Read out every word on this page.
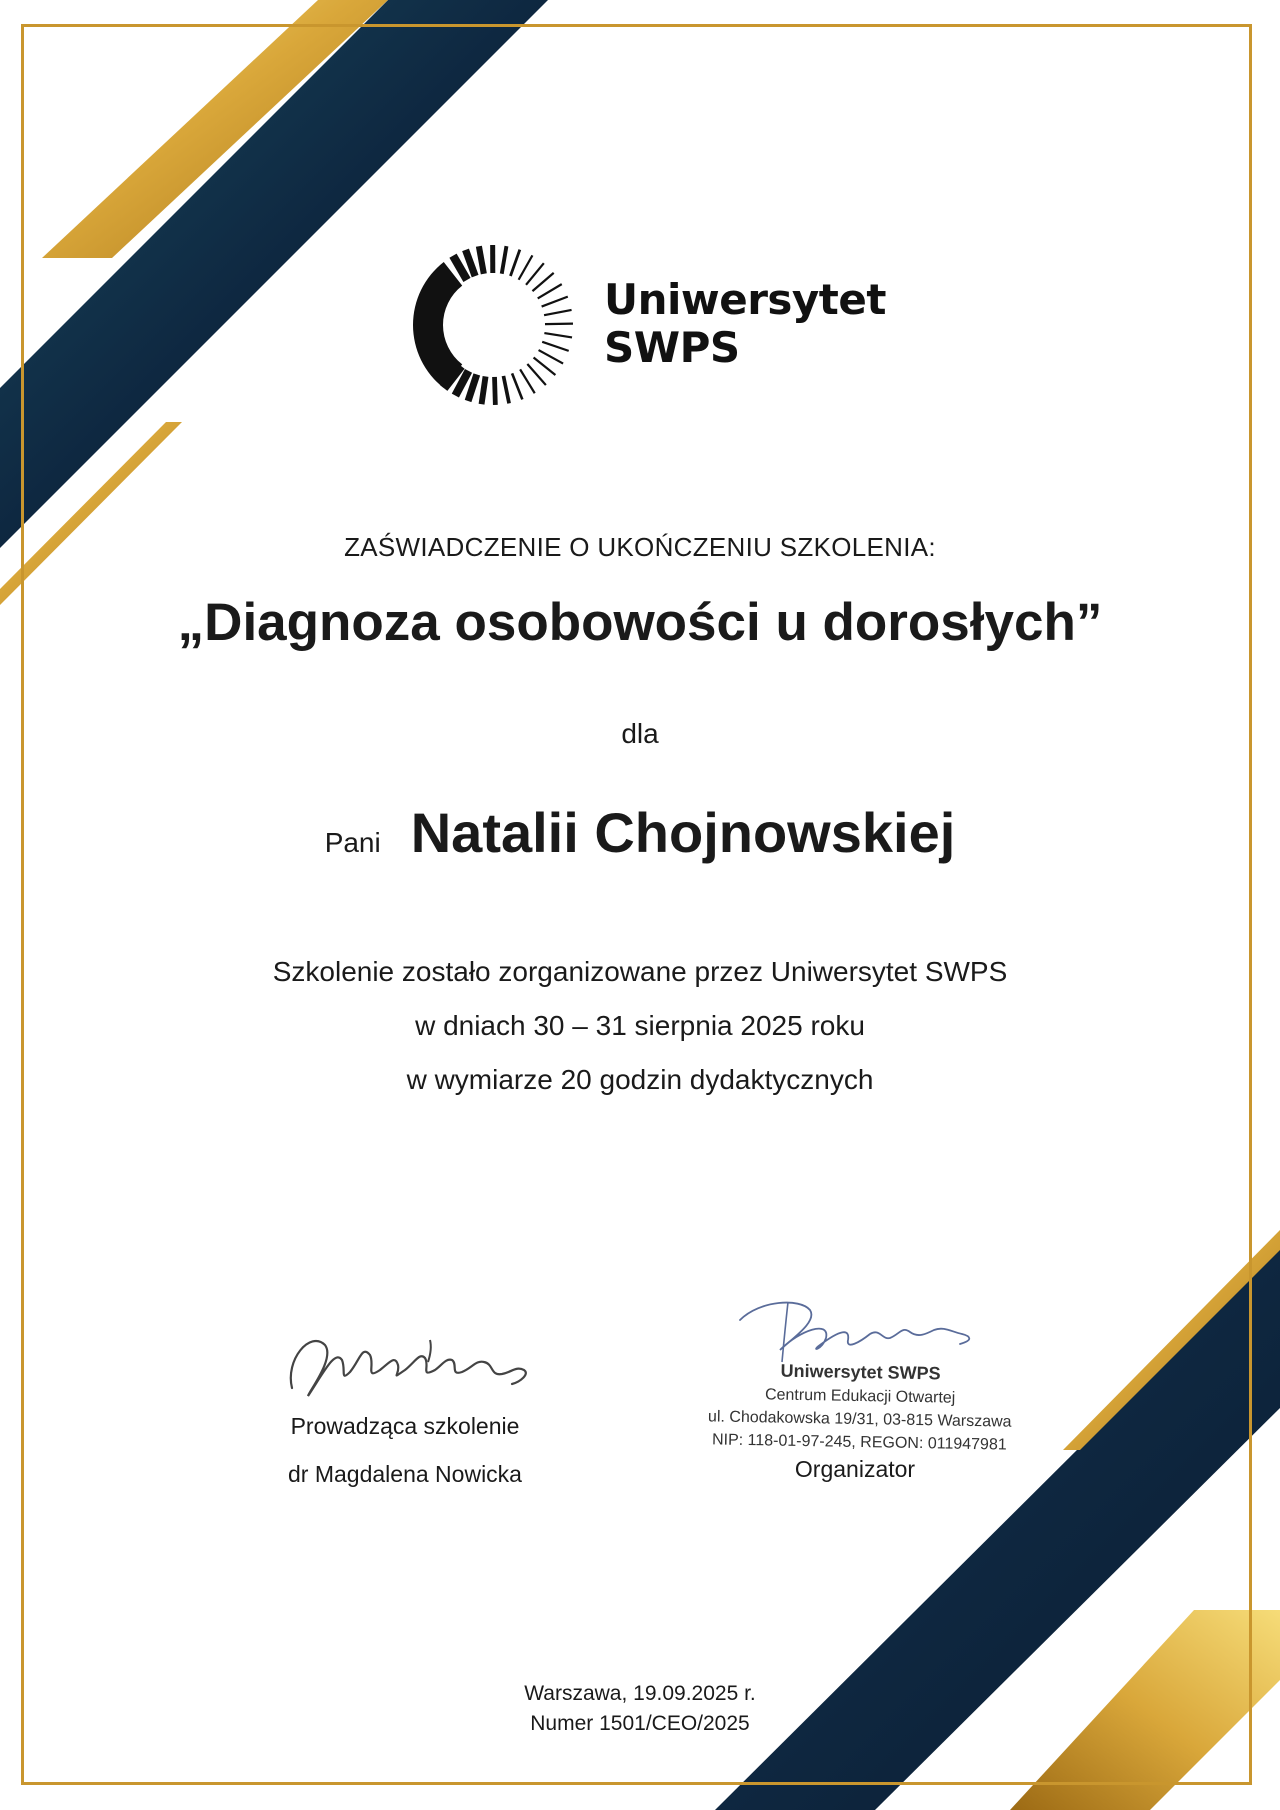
Uniwersytet
SWPS
ZAŚWIADCZENIE O UKOŃCZENIU SZKOLENIA:
„Diagnoza osobowości u dorosłych”
dla
Pani Natalii Chojnowskiej
Szkolenie zostało zorganizowane przez Uniwersytet SWPS
w dniach 30 – 31 sierpnia 2025 roku
w wymiarze 20 godzin dydaktycznych
Prowadząca szkolenie
dr Magdalena Nowicka
Uniwersytet SWPS
Centrum Edukacji Otwartej
ul. Chodakowska 19/31, 03-815 Warszawa
NIP: 118-01-97-245, REGON: 011947981
Organizator
Warszawa, 19.09.2025 r.
Numer 1501/CEO/2025
